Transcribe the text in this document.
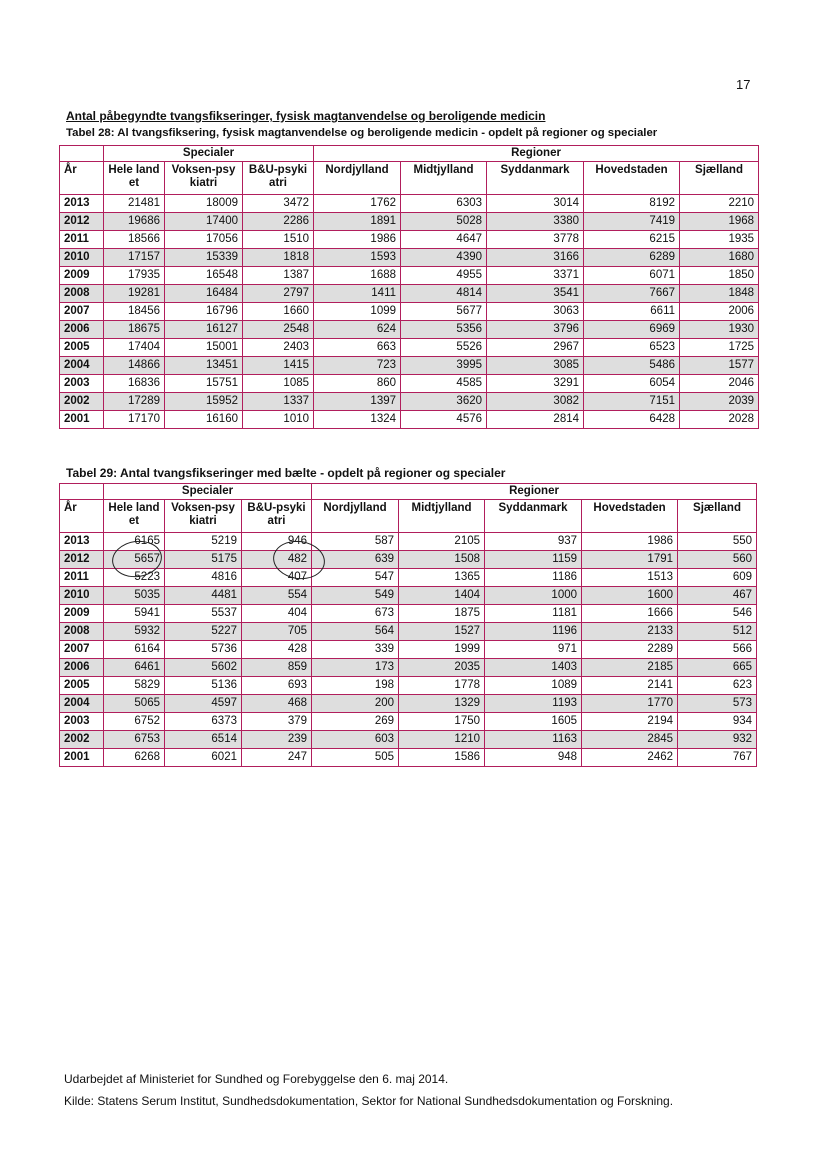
17
Antal påbegyndte tvangsfikseringer, fysisk magtanvendelse og beroligende medicin
Tabel 28: Al tvangsfiksering, fysisk magtanvendelse og beroligende medicin - opdelt på regioner og specialer
	Specialer			Regioner				
År	Hele landet	Voksen-psykiatri	B&U-psykiatri	Nordjylland	Midtjylland	Syddanmark	Hovedstaden	Sjælland
2013	21481	18009	3472	1762	6303	3014	8192	2210
2012	19686	17400	2286	1891	5028	3380	7419	1968
2011	18566	17056	1510	1986	4647	3778	6215	1935
2010	17157	15339	1818	1593	4390	3166	6289	1680
2009	17935	16548	1387	1688	4955	3371	6071	1850
2008	19281	16484	2797	1411	4814	3541	7667	1848
2007	18456	16796	1660	1099	5677	3063	6611	2006
2006	18675	16127	2548	624	5356	3796	6969	1930
2005	17404	15001	2403	663	5526	2967	6523	1725
2004	14866	13451	1415	723	3995	3085	5486	1577
2003	16836	15751	1085	860	4585	3291	6054	2046
2002	17289	15952	1337	1397	3620	3082	7151	2039
2001	17170	16160	1010	1324	4576	2814	6428	2028
Tabel 29: Antal tvangsfikseringer med bælte - opdelt på regioner og specialer
	Specialer			Regioner				
År	Hele landet	Voksen-psykiatri	B&U-psykiatri	Nordjylland	Midtjylland	Syddanmark	Hovedstaden	Sjælland
2013	6165	5219	946	587	2105	937	1986	550
2012	5657	5175	482	639	1508	1159	1791	560
2011	5223	4816	407	547	1365	1186	1513	609
2010	5035	4481	554	549	1404	1000	1600	467
2009	5941	5537	404	673	1875	1181	1666	546
2008	5932	5227	705	564	1527	1196	2133	512
2007	6164	5736	428	339	1999	971	2289	566
2006	6461	5602	859	173	2035	1403	2185	665
2005	5829	5136	693	198	1778	1089	2141	623
2004	5065	4597	468	200	1329	1193	1770	573
2003	6752	6373	379	269	1750	1605	2194	934
2002	6753	6514	239	603	1210	1163	2845	932
2001	6268	6021	247	505	1586	948	2462	767
Udarbejdet af Ministeriet for Sundhed og Forebyggelse den 6. maj 2014.
Kilde: Statens Serum Institut, Sundhedsdokumentation, Sektor for National Sundhedsdokumentation og Forskning.
